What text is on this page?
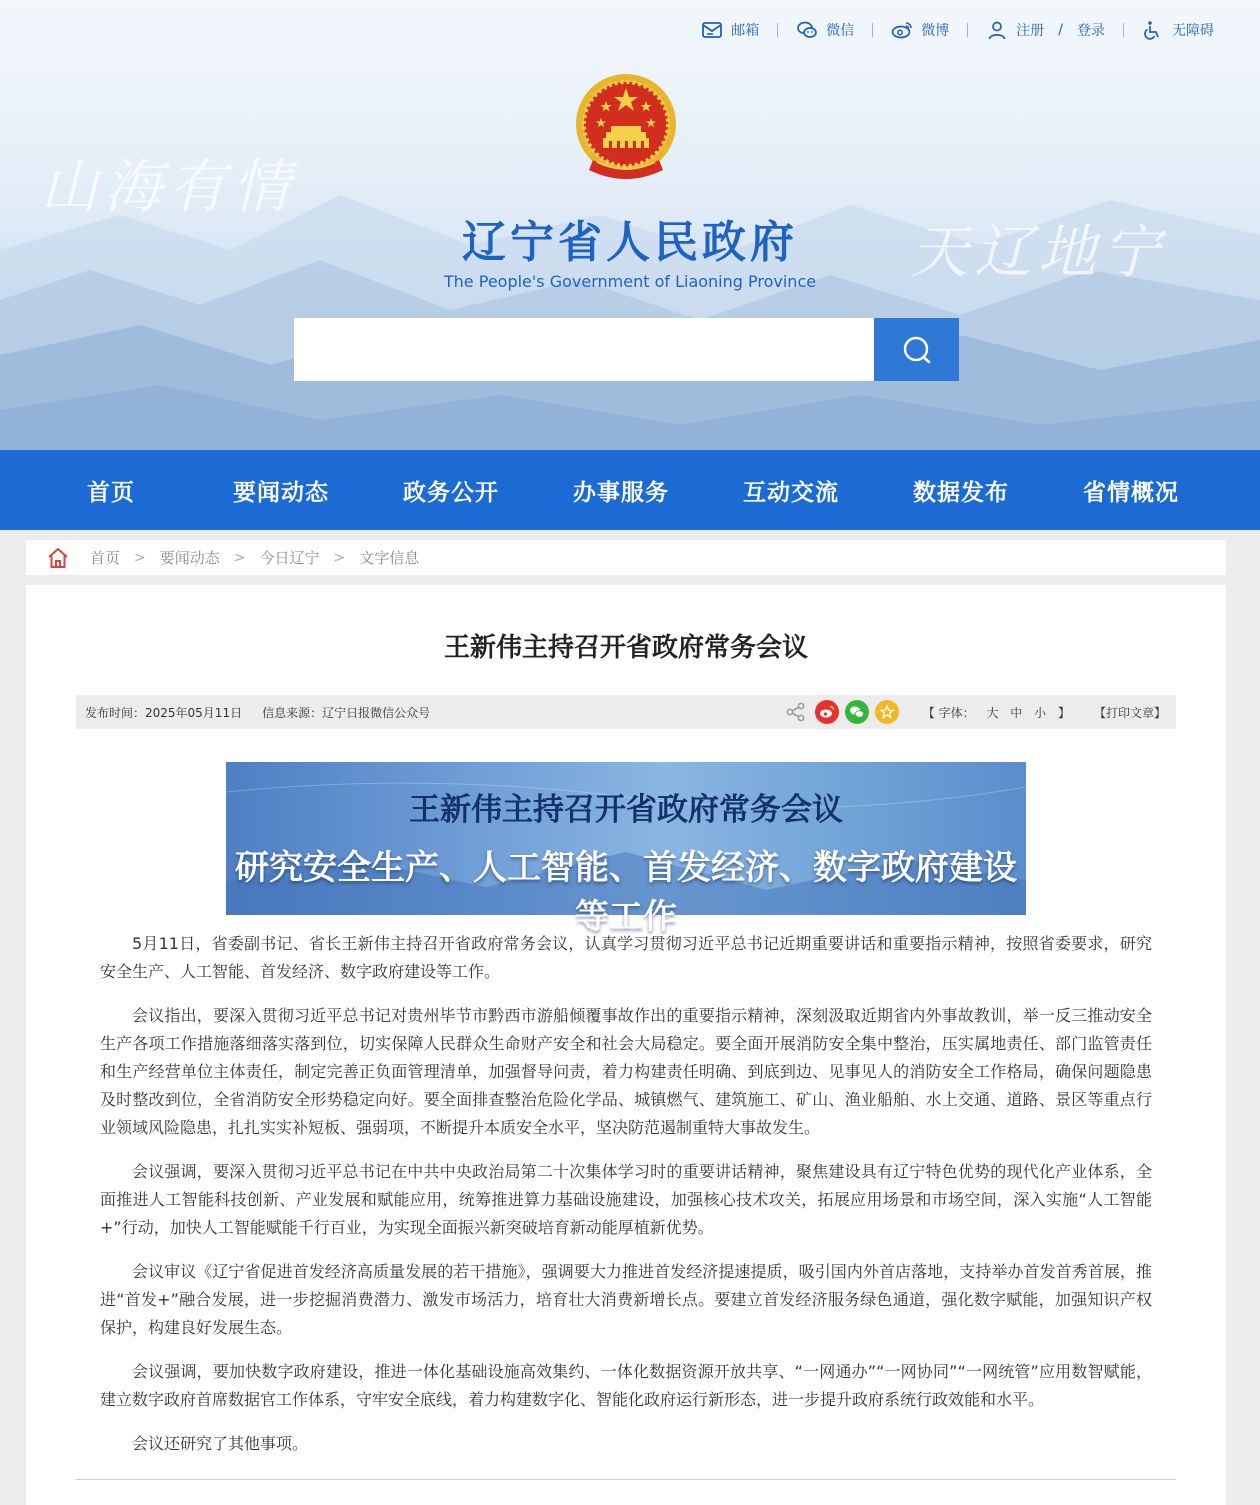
山海有情
天辽地宁
邮箱	微信	微博	注册 / 登录	无障碍
辽宁省人民政府
The People's Government of Liaoning Province
首页	要闻动态	政务公开	办事服务	互动交流	数据发布	省情概况
首页 > 要闻动态 > 今日辽宁 > 文字信息
王新伟主持召开省政府常务会议
发布时间：2025年05月11日 信息来源：辽宁日报微信公众号	【 字体： 大 中 小 】	【打印文章】
王新伟主持召开省政府常务会议
研究安全生产、人工智能、首发经济、数字政府建设等工作

5月11日，省委副书记、省长王新伟主持召开省政府常务会议，认真学习贯彻习近平总书记近期重要讲话和重要指示精神，按照省委要求，研究安全生产、人工智能、首发经济、数字政府建设等工作。

会议指出，要深入贯彻习近平总书记对贵州毕节市黔西市游船倾覆事故作出的重要指示精神，深刻汲取近期省内外事故教训，举一反三推动安全生产各项工作措施落细落实落到位，切实保障人民群众生命财产安全和社会大局稳定。要全面开展消防安全集中整治，压实属地责任、部门监管责任和生产经营单位主体责任，制定完善正负面管理清单，加强督导问责，着力构建责任明确、到底到边、见事见人的消防安全工作格局，确保问题隐患及时整改到位，全省消防安全形势稳定向好。要全面排查整治危险化学品、城镇燃气、建筑施工、矿山、渔业船舶、水上交通、道路、景区等重点行业领域风险隐患，扎扎实实补短板、强弱项，不断提升本质安全水平，坚决防范遏制重特大事故发生。

会议强调，要深入贯彻习近平总书记在中共中央政治局第二十次集体学习时的重要讲话精神，聚焦建设具有辽宁特色优势的现代化产业体系，全面推进人工智能科技创新、产业发展和赋能应用，统筹推进算力基础设施建设，加强核心技术攻关，拓展应用场景和市场空间，深入实施“人工智能+”行动，加快人工智能赋能千行百业，为实现全面振兴新突破培育新动能厚植新优势。

会议审议《辽宁省促进首发经济高质量发展的若干措施》，强调要大力推进首发经济提速提质，吸引国内外首店落地，支持举办首发首秀首展，推进“首发+”融合发展，进一步挖掘消费潜力、激发市场活力，培育壮大消费新增长点。要建立首发经济服务绿色通道，强化数字赋能，加强知识产权保护，构建良好发展生态。

会议强调，要加快数字政府建设，推进一体化基础设施高效集约、一体化数据资源开放共享、“一网通办”“一网协同”“一网统管”应用数智赋能，建立数字政府首席数据官工作体系，守牢安全底线，着力构建数字化、智能化政府运行新形态，进一步提升政府系统行政效能和水平。

会议还研究了其他事项。
